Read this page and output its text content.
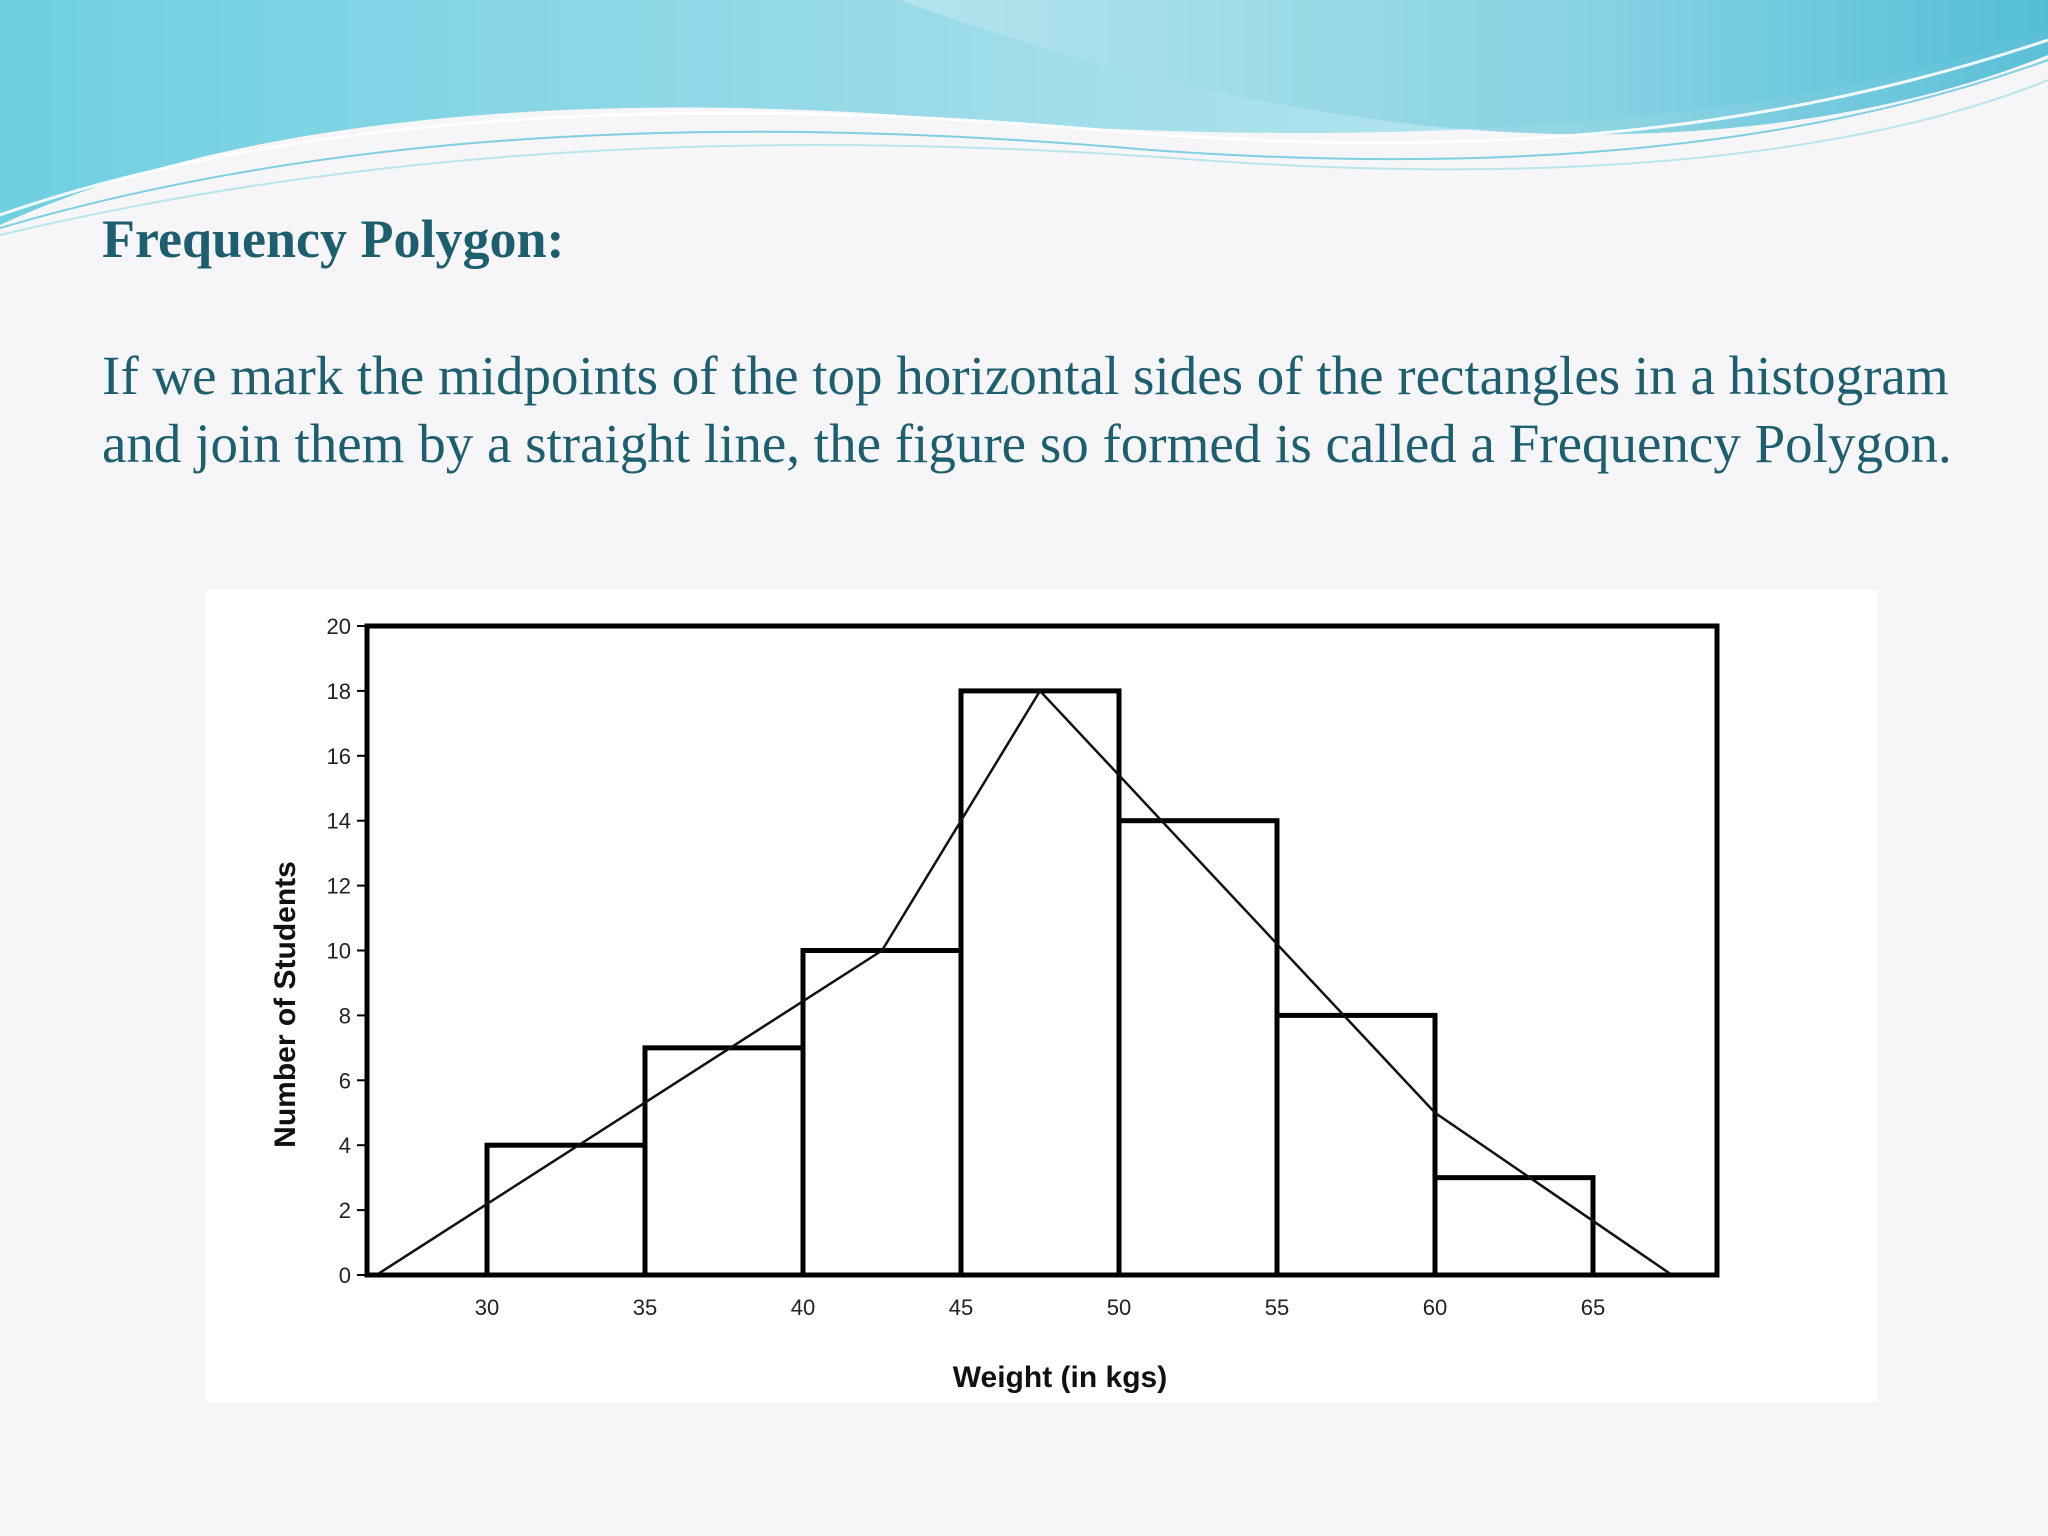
Frequency Polygon:

If we mark the midpoints of the top horizontal sides of the rectangles in a histogram and join them by a straight line, the figure so formed is called a Frequency Polygon.

0
2
4
6
8
10
12
14
16
18
20
30	35	40	45	50	55	60	65
Weight (in kgs)
Number of Students
